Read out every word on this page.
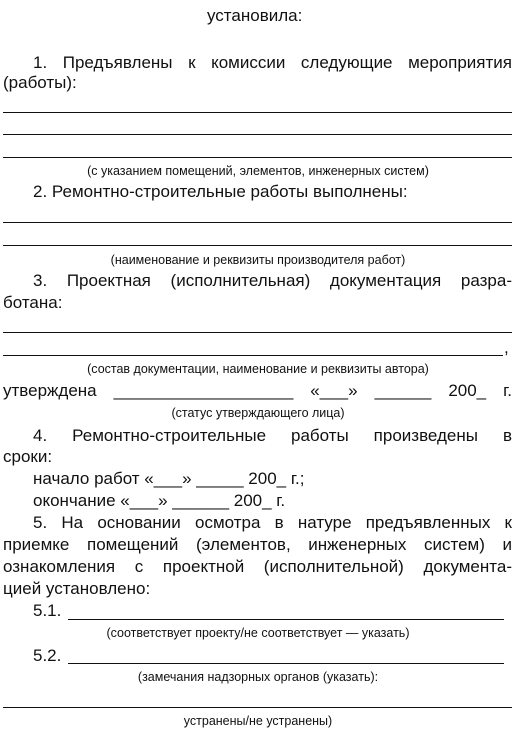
установила:
1. Предъявлены к комиссии следующие мероприятия
(работы):
(с указанием помещений, элементов, инженерных систем)
2. Ремонтно-строительные работы выполнены:
(наименование и реквизиты производителя работ)
3. Проектная (исполнительная) документация разра-
ботана:
,
(состав документации, наименование и реквизиты автора)
утверждена ___________________ «___» ______ 200_ г.
(статус утверждающего лица)
4. Ремонтно-строительные работы произведены в
сроки:
начало работ «___» _____ 200_ г.;
окончание «___» ______ 200_ г.
5. На основании осмотра в натуре предъявленных к
приемке помещений (элементов, инженерных систем) и
ознакомления с проектной (исполнительной) документа-
цией установлено:
5.1.
(соответствует проекту/не соответствует — указать)
5.2.
(замечания надзорных органов (указать):
устранены/не устранены)
